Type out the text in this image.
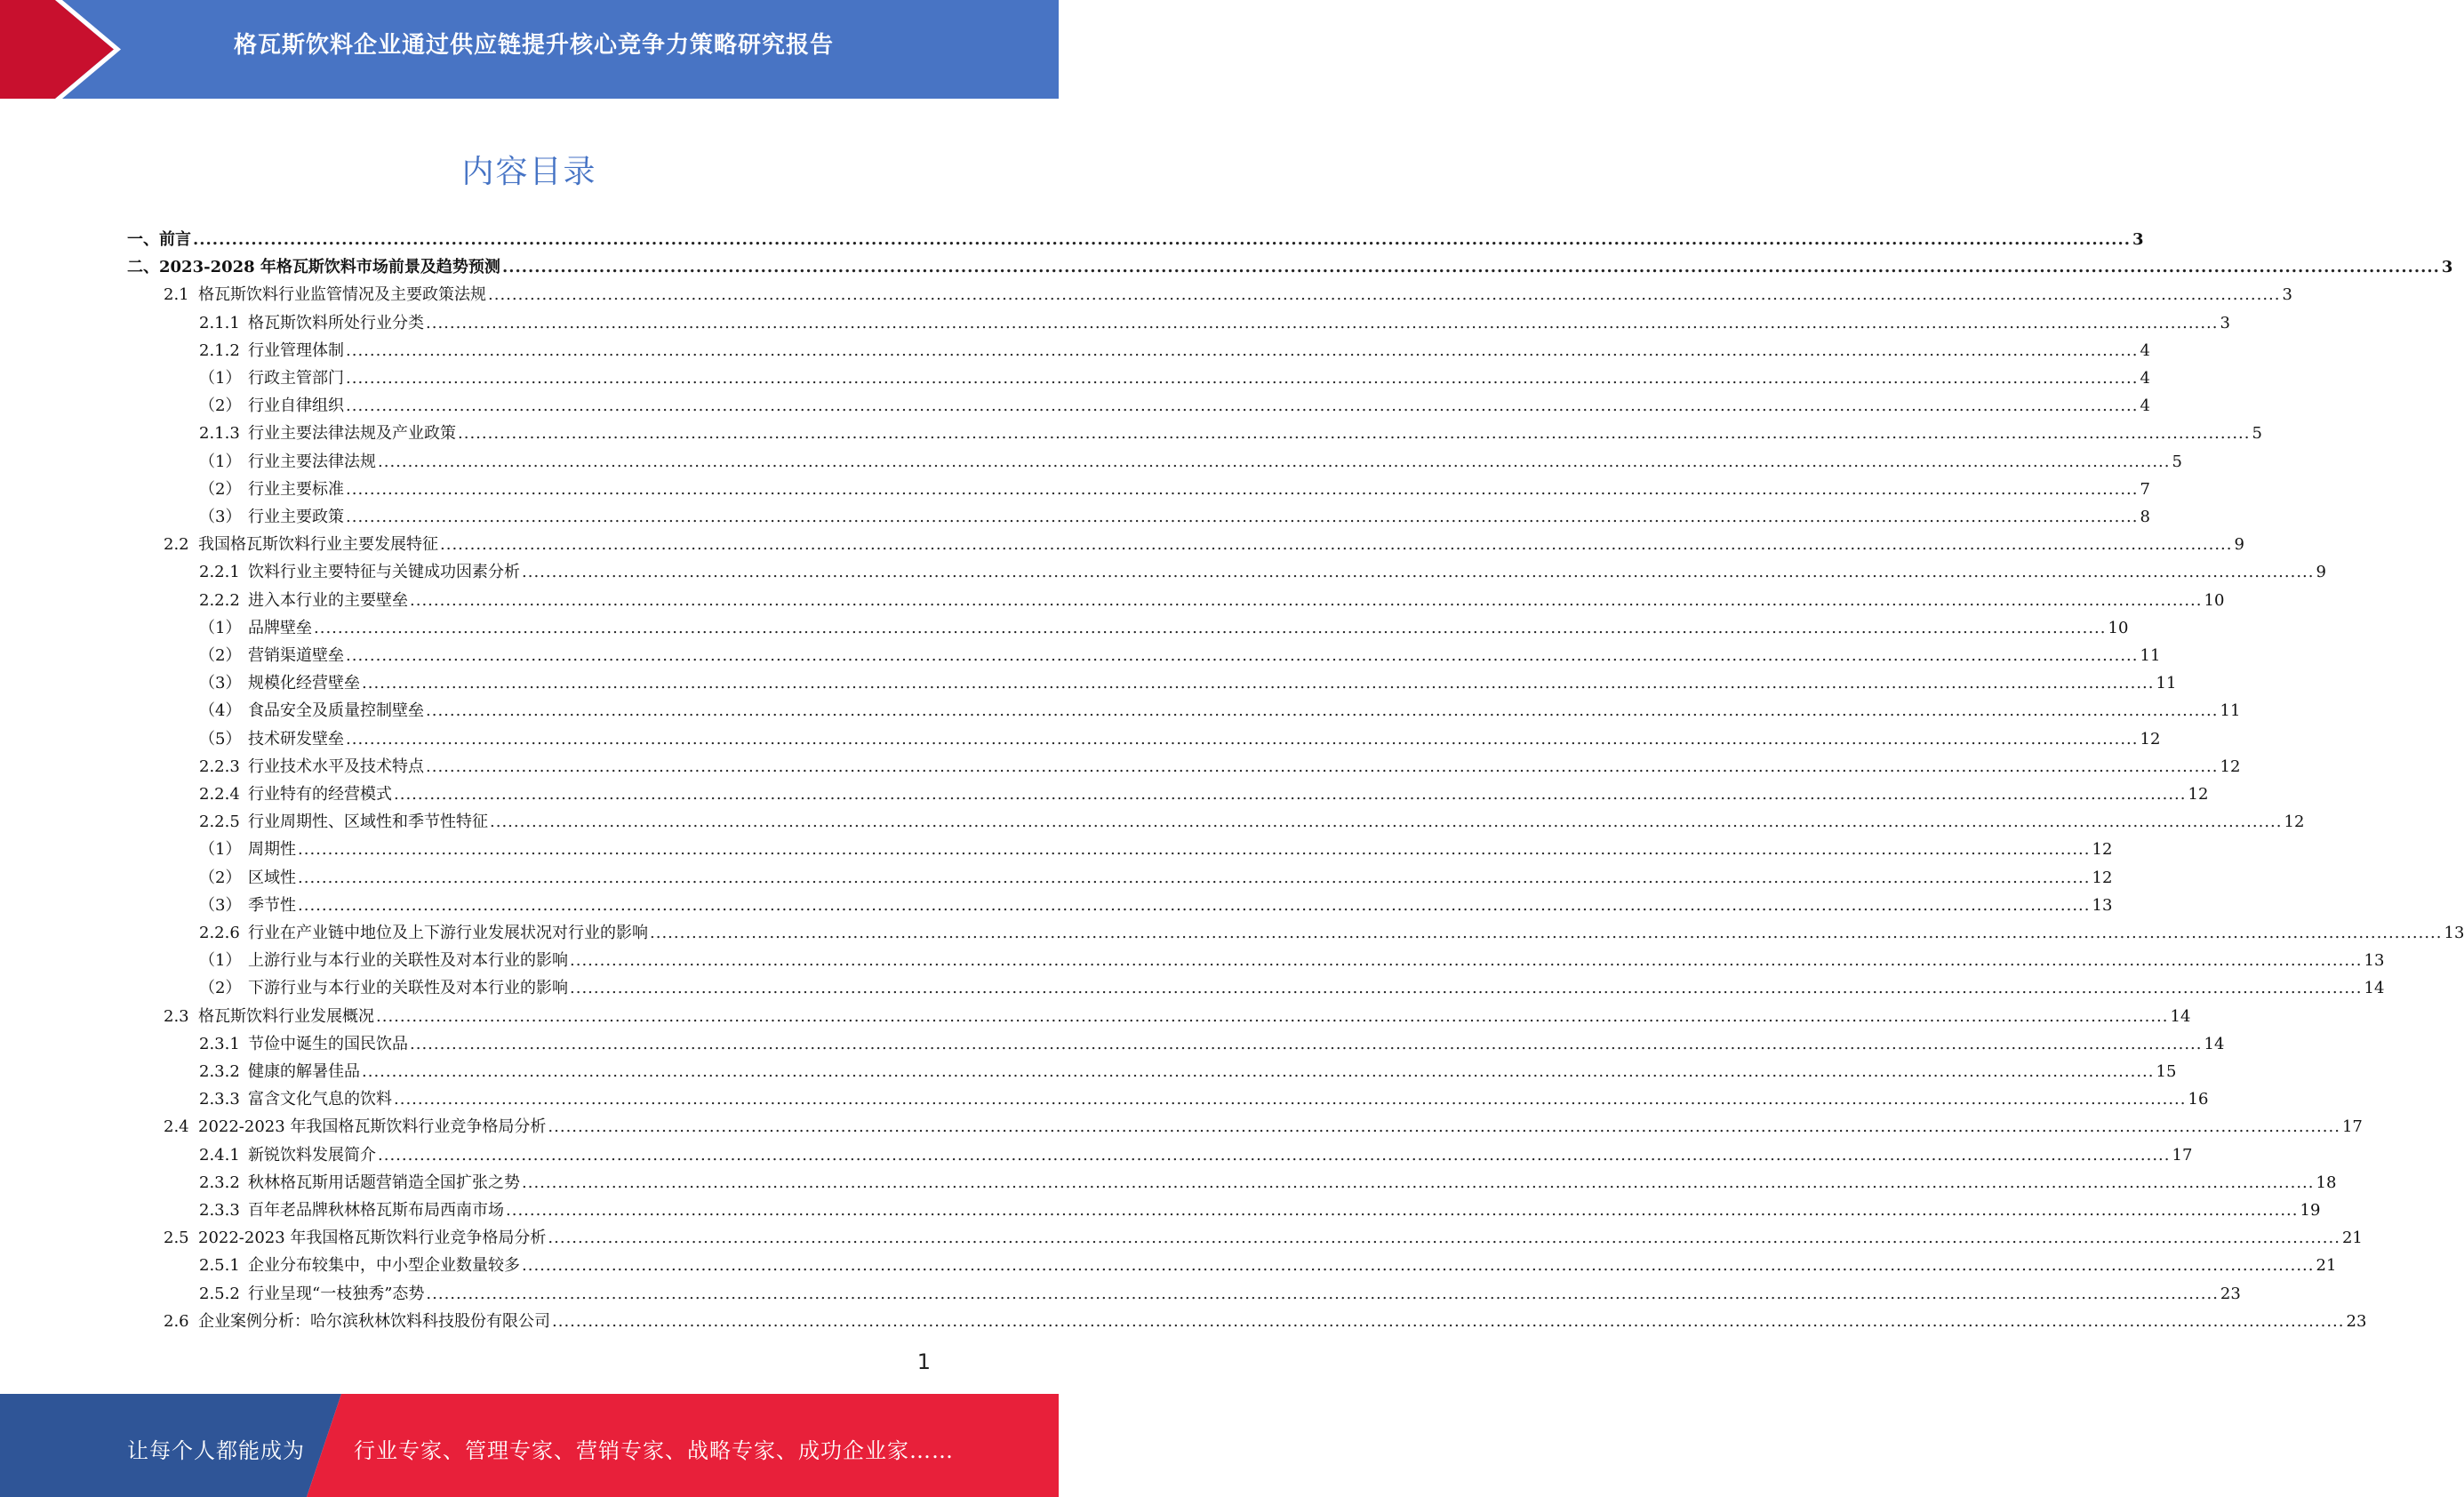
格瓦斯饮料企业通过供应链提升核心竞争力策略研究报告
内容目录
一、 前言 ............................................................................................................................................................................................................................................................................................................ 3
二、 2023-2028 年格瓦斯饮料市场前景及趋势预测 ............................................................................................................................................................................................................................................................................................................ 3
2.1 格瓦斯饮料行业监管情况及主要政策法规 ............................................................................................................................................................................................................................................................................................................ 3
2.1.1 格瓦斯饮料所处行业分类 ............................................................................................................................................................................................................................................................................................................ 3
2.1.2 行业管理体制 ............................................................................................................................................................................................................................................................................................................ 4
（1） 行政主管部门 ............................................................................................................................................................................................................................................................................................................ 4
（2） 行业自律组织 ............................................................................................................................................................................................................................................................................................................ 4
2.1.3 行业主要法律法规及产业政策 ............................................................................................................................................................................................................................................................................................................ 5
（1） 行业主要法律法规 ............................................................................................................................................................................................................................................................................................................ 5
（2） 行业主要标准 ............................................................................................................................................................................................................................................................................................................ 7
（3） 行业主要政策 ............................................................................................................................................................................................................................................................................................................ 8
2.2 我国格瓦斯饮料行业主要发展特征 ............................................................................................................................................................................................................................................................................................................ 9
2.2.1 饮料行业主要特征与关键成功因素分析 ............................................................................................................................................................................................................................................................................................................ 9
2.2.2 进入本行业的主要壁垒 ............................................................................................................................................................................................................................................................................................................ 10
（1） 品牌壁垒 ............................................................................................................................................................................................................................................................................................................ 10
（2） 营销渠道壁垒 ............................................................................................................................................................................................................................................................................................................ 11
（3） 规模化经营壁垒 ............................................................................................................................................................................................................................................................................................................ 11
（4） 食品安全及质量控制壁垒 ............................................................................................................................................................................................................................................................................................................ 11
（5） 技术研发壁垒 ............................................................................................................................................................................................................................................................................................................ 12
2.2.3 行业技术水平及技术特点 ............................................................................................................................................................................................................................................................................................................ 12
2.2.4 行业特有的经营模式 ............................................................................................................................................................................................................................................................................................................ 12
2.2.5 行业周期性、区域性和季节性特征 ............................................................................................................................................................................................................................................................................................................ 12
（1） 周期性 ............................................................................................................................................................................................................................................................................................................ 12
（2） 区域性 ............................................................................................................................................................................................................................................................................................................ 12
（3） 季节性 ............................................................................................................................................................................................................................................................................................................ 13
2.2.6 行业在产业链中地位及上下游行业发展状况对行业的影响 ............................................................................................................................................................................................................................................................................................................ 13
（1） 上游行业与本行业的关联性及对本行业的影响 ............................................................................................................................................................................................................................................................................................................ 13
（2） 下游行业与本行业的关联性及对本行业的影响 ............................................................................................................................................................................................................................................................................................................ 14
2.3 格瓦斯饮料行业发展概况 ............................................................................................................................................................................................................................................................................................................ 14
2.3.1 节俭中诞生的国民饮品 ............................................................................................................................................................................................................................................................................................................ 14
2.3.2 健康的解暑佳品 ............................................................................................................................................................................................................................................................................................................ 15
2.3.3 富含文化气息的饮料 ............................................................................................................................................................................................................................................................................................................ 16
2.4 2022-2023 年我国格瓦斯饮料行业竞争格局分析 ............................................................................................................................................................................................................................................................................................................ 17
2.4.1 新锐饮料发展简介 ............................................................................................................................................................................................................................................................................................................ 17
2.3.2 秋林格瓦斯用话题营销造全国扩张之势 ............................................................................................................................................................................................................................................................................................................ 18
2.3.3 百年老品牌秋林格瓦斯布局西南市场 ............................................................................................................................................................................................................................................................................................................ 19
2.5 2022-2023 年我国格瓦斯饮料行业竞争格局分析 ............................................................................................................................................................................................................................................................................................................ 21
2.5.1 企业分布较集中，中小型企业数量较多 ............................................................................................................................................................................................................................................................................................................ 21
2.5.2 行业呈现“一枝独秀”态势 ............................................................................................................................................................................................................................................................................................................ 23
2.6 企业案例分析：哈尔滨秋林饮料科技股份有限公司 ............................................................................................................................................................................................................................................................................................................ 23
1
让每个人都能成为 行业专家、管理专家、营销专家、战略专家、成功企业家……
